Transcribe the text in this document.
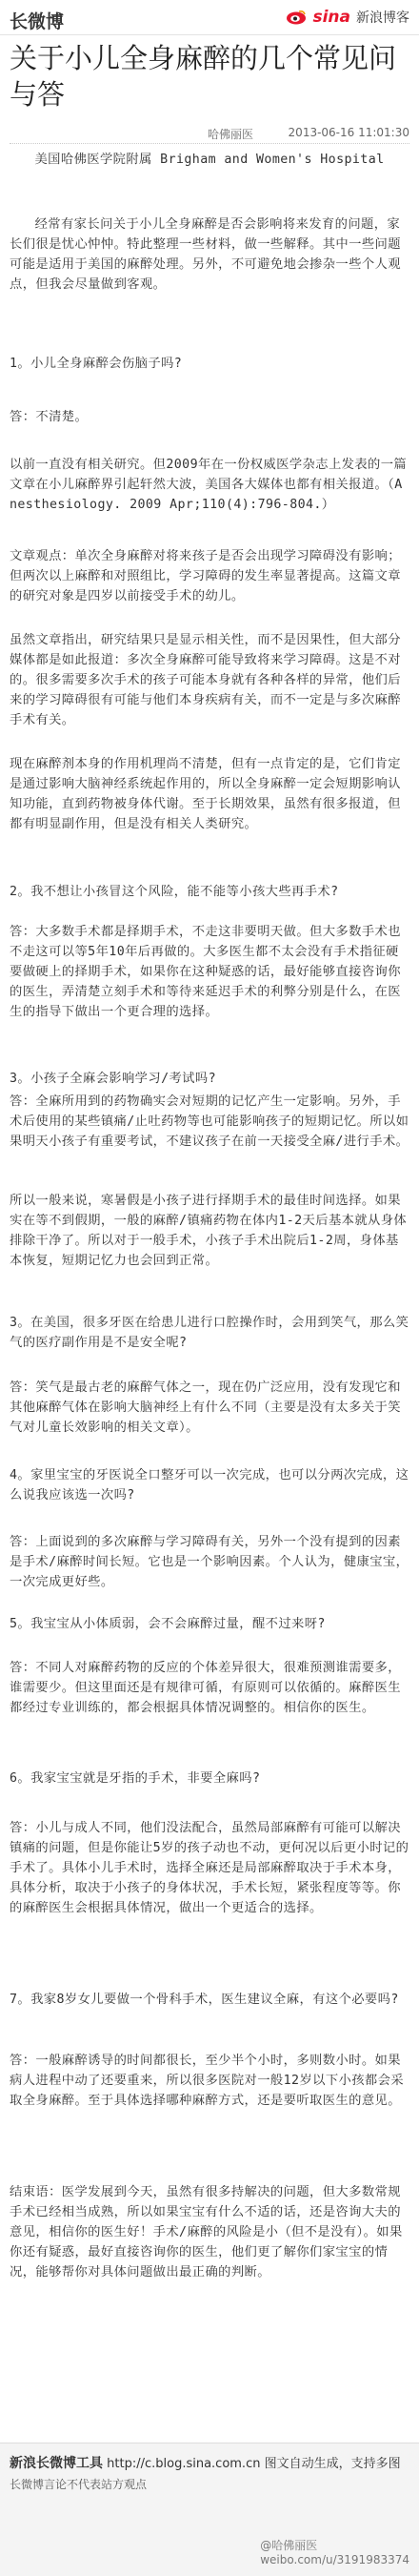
长微博	sina 新浪博客
关于小儿全身麻醉的几个常见问与答
哈佛丽医	2013-06-16 11:01:30
美国哈佛医学院附属 Brigham and Women's Hospital
经常有家长问关于小儿全身麻醉是否会影响将来发育的问题，家长们很是忧心忡忡。特此整理一些材料，做一些解释。其中一些问题可能是适用于美国的麻醉处理。另外，不可避免地会掺杂一些个人观点，但我会尽量做到客观。
1。小儿全身麻醉会伤脑子吗?
答：不清楚。
以前一直没有相关研究。但2009年在一份权威医学杂志上发表的一篇文章在小儿麻醉界引起轩然大波，美国各大媒体也都有相关报道。（Anesthesiology. 2009 Apr;110(4):796-804.）
文章观点：单次全身麻醉对将来孩子是否会出现学习障碍没有影响；但两次以上麻醉和对照组比，学习障碍的发生率显著提高。这篇文章的研究对象是四岁以前接受手术的幼儿。
虽然文章指出，研究结果只是显示相关性，而不是因果性，但大部分媒体都是如此报道：多次全身麻醉可能导致将来学习障碍。这是不对的。很多需要多次手术的孩子可能本身就有各种各样的异常，他们后来的学习障碍很有可能与他们本身疾病有关，而不一定是与多次麻醉手术有关。
现在麻醉剂本身的作用机理尚不清楚，但有一点肯定的是，它们肯定是通过影响大脑神经系统起作用的，所以全身麻醉一定会短期影响认知功能，直到药物被身体代谢。至于长期效果，虽然有很多报道，但都有明显副作用，但是没有相关人类研究。
2。我不想让小孩冒这个风险，能不能等小孩大些再手术?
答：大多数手术都是择期手术，不走这非要明天做。但大多数手术也不走这可以等5年10年后再做的。大多医生都不太会没有手术指征硬要做硬上的择期手术，如果你在这种疑惑的话，最好能够直接咨询你的医生，弄清楚立刻手术和等待来延迟手术的利弊分别是什么，在医生的指导下做出一个更合理的选择。
3。小孩子全麻会影响学习/考试吗?
答：全麻所用到的药物确实会对短期的记忆产生一定影响。另外，手术后使用的某些镇痛/止吐药物等也可能影响孩子的短期记忆。所以如果明天小孩子有重要考试，不建议孩子在前一天接受全麻/进行手术。
所以一般来说，寒暑假是小孩子进行择期手术的最佳时间选择。如果实在等不到假期，一般的麻醉/镇痛药物在体内1-2天后基本就从身体排除干净了。所以对于一般手术，小孩子手术出院后1-2周，身体基本恢复，短期记忆力也会回到正常。
3。在美国，很多牙医在给患儿进行口腔操作时，会用到笑气，那么笑气的医疗副作用是不是安全呢?
答：笑气是最古老的麻醉气体之一，现在仍广泛应用，没有发现它和其他麻醉气体在影响大脑神经上有什么不同（主要是没有太多关于笑气对儿童长效影响的相关文章）。
4。家里宝宝的牙医说全口整牙可以一次完成，也可以分两次完成，这么说我应该选一次吗?
答：上面说到的多次麻醉与学习障碍有关，另外一个没有提到的因素是手术/麻醉时间长短。它也是一个影响因素。个人认为，健康宝宝，一次完成更好些。
5。我宝宝从小体质弱，会不会麻醉过量，醒不过来呀?
答：不同人对麻醉药物的反应的个体差异很大，很难预测谁需要多，谁需要少。但这里面还是有规律可循，有原则可以依循的。麻醉医生都经过专业训练的，都会根据具体情况调整的。相信你的医生。
6。我家宝宝就是牙指的手术，非要全麻吗?
答：小儿与成人不同，他们没法配合，虽然局部麻醉有可能可以解决镇痛的问题，但是你能让5岁的孩子动也不动，更何况以后更小时记的手术了。具体小儿手术时，选择全麻还是局部麻醉取决于手术本身，具体分析，取决于小孩子的身体状况，手术长短，紧张程度等等。你的麻醉医生会根据具体情况，做出一个更适合的选择。
7。我家8岁女儿要做一个骨科手术，医生建议全麻，有这个必要吗?
答：一般麻醉诱导的时间都很长，至少半个小时，多则数小时。如果病人进程中动了还要重来，所以很多医院对一般12岁以下小孩都会采取全身麻醉。至于具体选择哪种麻醉方式，还是要听取医生的意见。
结束语：医学发展到今天，虽然有很多持解决的问题，但大多数常规手术已经相当成熟，所以如果宝宝有什么不适的话，还是咨询大夫的意见，相信你的医生好！手术/麻醉的风险是小（但不是没有）。如果你还有疑惑，最好直接咨询你的医生，他们更了解你们家宝宝的情况，能够帮你对具体问题做出最正确的判断。
新浪长微博工具 http://c.blog.sina.com.cn 图文自动生成，支持多图
长微博言论不代表站方观点
@哈佛丽医
weibo.com/u/3191983374
